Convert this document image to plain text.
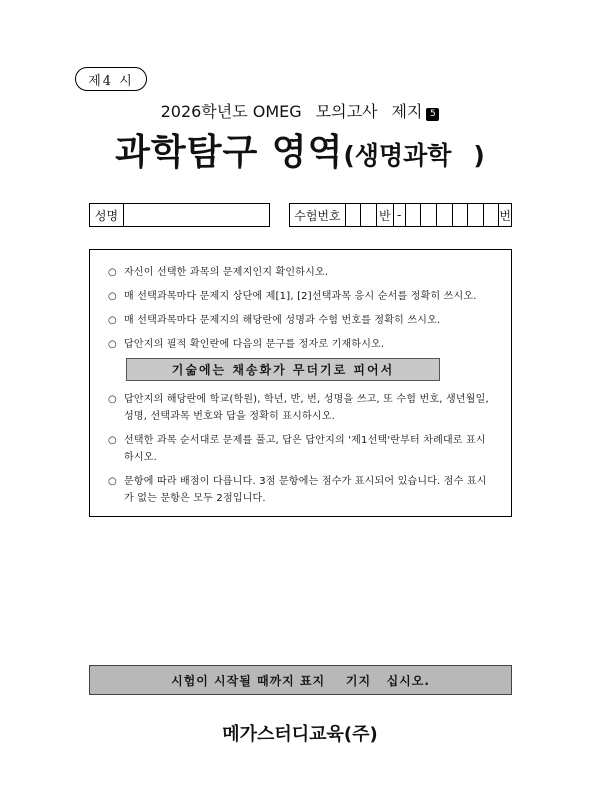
제4 시
2026학년도 OMEG 모의고사 제지 5
과학탐구 영역(생명과학 )
성명	수험번호	반 -	번
○ 자신이 선택한 과목의 문제지인지 확인하시오.
○ 매 선택과목마다 문제지 상단에 제[1], [2]선택과목 응시 순서를 정확히 쓰시오.
○ 매 선택과목마다 문제지의 해당란에 성명과 수험 번호를 정확히 쓰시오.
○ 답안지의 필적 확인란에 다음의 문구를 정자로 기재하시오.
기숢에는 채송화가 무더기로 피어서
○ 답안지의 해당란에 학교(학원), 학년, 반, 번, 성명을 쓰고, 또 수험 번호, 생년월일, 성명, 선택과목 번호와 답을 정확히 표시하시오.
○ 선택한 과목 순서대로 문제를 풀고, 답은 답안지의 '제1선택'란부터 차례대로 표시하시오.
○ 문항에 따라 배점이 다릅니다. 3점 문항에는 점수가 표시되어 있습니다. 점수 표시가 없는 문항은 모두 2점입니다.
시험이 시작될 때까지 표지    기지   십시오.
메가스터디교육(주)
